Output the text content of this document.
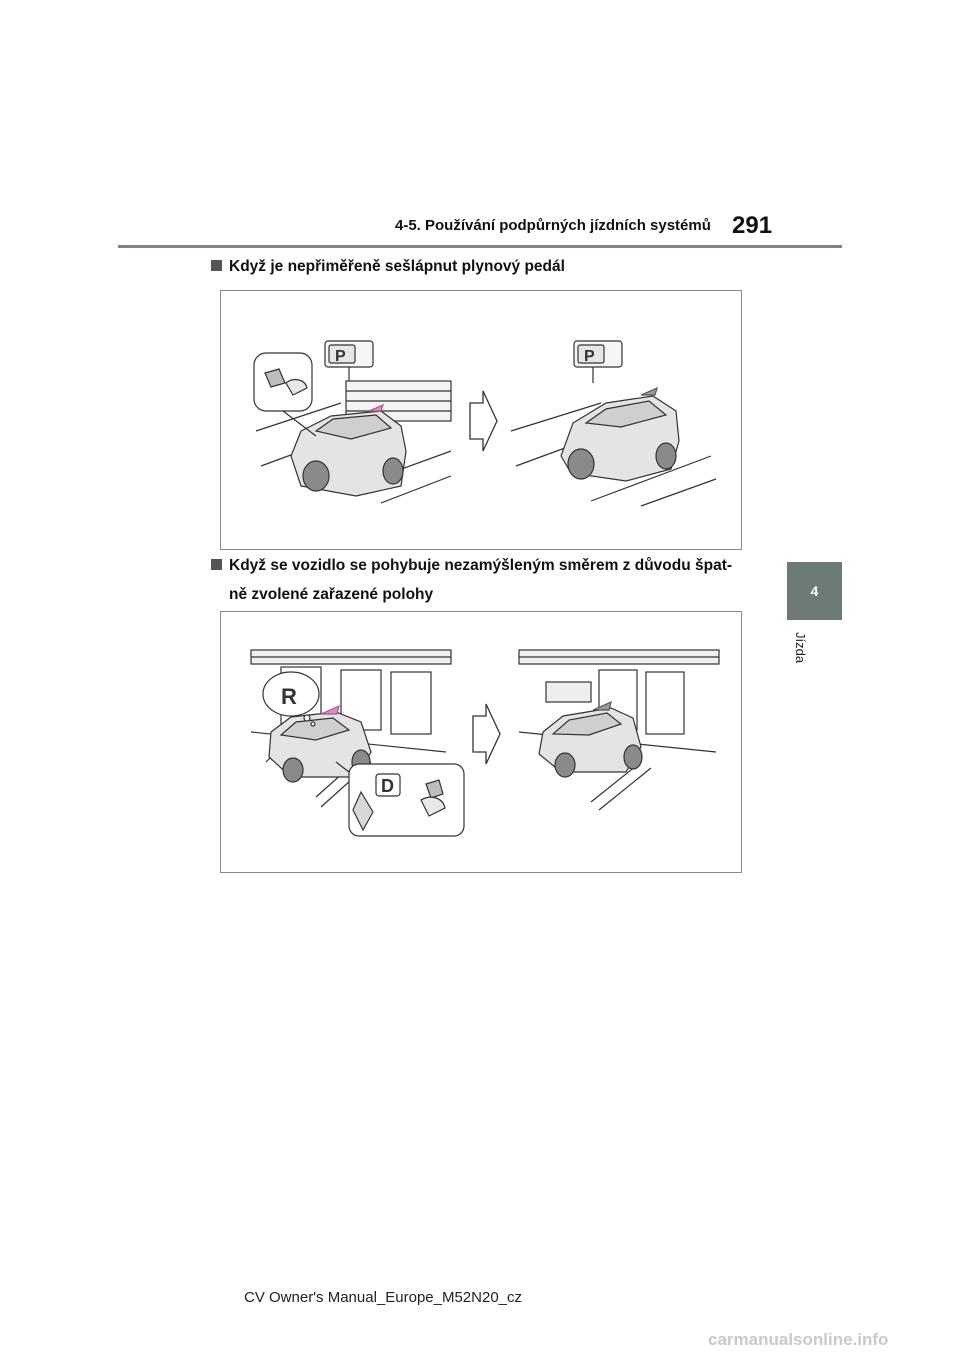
4-5. Používání podpůrných jízdních systémů 291
4
Jízda
Když je nepřiměřeně sešlápnut plynový pedál
P	P
Když se vozidlo se pohybuje nezamýšleným směrem z důvodu špat-
ně zvolené zařazené polohy
R
D
CV Owner's Manual_Europe_M52N20_cz
carmanualsonline.info
